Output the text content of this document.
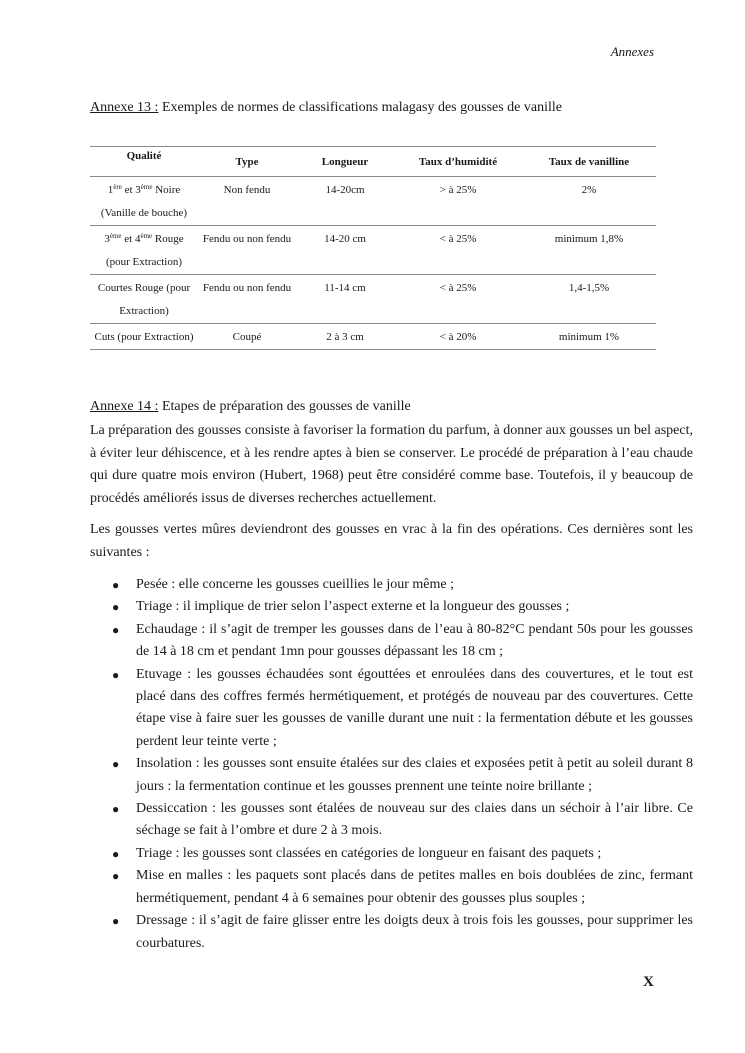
Annexes
Annexe 13 : Exemples de normes de classifications malagasy des gousses de vanille
Qualité	Type	Longueur	Taux d’humidité	Taux de vanilline
1ère et 3ème Noire
(Vanille de bouche)	Non fendu	14-20cm	> à 25%	2%
3ème et 4ème Rouge
(pour Extraction)	Fendu ou non fendu	14-20 cm	< à 25%	minimum 1,8%
Courtes Rouge (pour Extraction)	Fendu ou non fendu	11-14 cm	< à 25%	1,4-1,5%
Cuts (pour Extraction)	Coupé	2 à 3 cm	< à 20%	minimum 1%
Annexe 14 : Etapes de préparation des gousses de vanille

La préparation des gousses consiste à favoriser la formation du parfum, à donner aux gousses un bel aspect, à éviter leur déhiscence, et à les rendre aptes à bien se conserver. Le procédé de préparation à l’eau chaude qui dure quatre mois environ (Hubert, 1968) peut être considéré comme base. Toutefois, il y beaucoup de procédés améliorés issus de diverses recherches actuellement.

Les gousses vertes mûres deviendront des gousses en vrac à la fin des opérations. Ces dernières sont les suivantes :

● Pesée : elle concerne les gousses cueillies le jour même ;
● Triage : il implique de trier selon l’aspect externe et la longueur des gousses ;
● Echaudage : il s’agit de tremper les gousses dans de l’eau à 80-82°C pendant 50s pour les gousses de 14 à 18 cm et pendant 1mn pour gousses dépassant les 18 cm ;
● Etuvage : les gousses échaudées sont égouttées et enroulées dans des couvertures, et le tout est placé dans des coffres fermés hermétiquement, et protégés de nouveau par des couvertures. Cette étape vise à faire suer les gousses de vanille durant une nuit : la fermentation débute et les gousses perdent leur teinte verte ;
● Insolation : les gousses sont ensuite étalées sur des claies et exposées petit à petit au soleil durant 8 jours : la fermentation continue et les gousses prennent une teinte noire brillante ;
● Dessiccation : les gousses sont étalées de nouveau sur des claies dans un séchoir à l’air libre. Ce séchage se fait à l’ombre et dure 2 à 3 mois.
● Triage : les gousses sont classées en catégories de longueur en faisant des paquets ;
● Mise en malles : les paquets sont placés dans de petites malles en bois doublées de zinc, fermant hermétiquement, pendant 4 à 6 semaines pour obtenir des gousses plus souples ;
● Dressage : il s’agit de faire glisser entre les doigts deux à trois fois les gousses, pour supprimer les courbatures.
X
